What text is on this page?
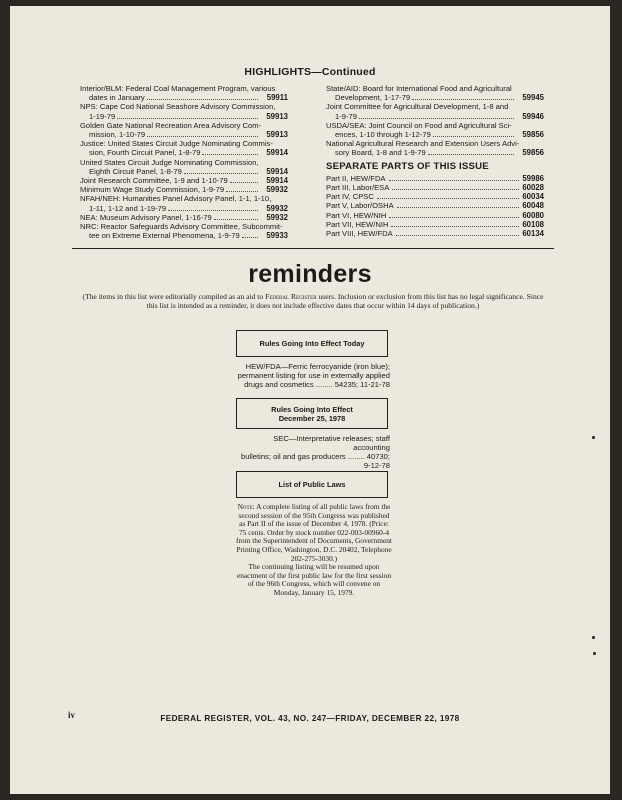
HIGHLIGHTS—Continued
Interior/BLM: Federal Coal Management Program, various
dates in January	59911
NPS: Cape Cod National Seashore Advisory Commission,
1-19-79	59913
Golden Gate National Recreation Area Advisory Com-
mission, 1-10-79	59913
Justice: United States Circuit Judge Nominating Commis-
sion, Fourth Circuit Panel, 1-8-79	59914
United States Circuit Judge Nominating Commission,
Eighth Circuit Panel, 1-8-79	59914
Joint Research Committee, 1-9 and 1-10-79	59914
Minimum Wage Study Commission, 1-9-79	59932
NFAH/NEH: Humanities Panel Advisory Panel, 1-1, 1-10,
1-11, 1-12 and 1-19-79	59932
NEA: Museum Advisory Panel, 1-16-79	59932
NRC: Reactor Safeguards Advisory Committee, Subcommit-
tee on Extreme External Phenomena, 1-9-79	59933
State/AID: Board for International Food and Agricultural
Development, 1-17-79	59945
Joint Committee for Agricultural Development, 1-8 and
1-9-79	59946
USDA/SEA: Joint Council on Food and Agricultural Sci-
ences, 1-10 through 1-12-79	59856
National Agricultural Research and Extension Users Advi-
sory Board, 1-8 and 1-9-79	59856
SEPARATE PARTS OF THIS ISSUE
Part II, HEW/FDA	59986
Part III, Labor/ESA	60028
Part IV, CPSC	60034
Part V, Labor/OSHA	60048
Part VI, HEW/NIH	60080
Part VII, HEW/NIH	60108
Part VIII, HEW/FDA	60134
reminders
(The items in this list were editorially compiled as an aid to Federal Register users. Inclusion or exclusion from this list has no legal significance. Since this list is intended as a reminder, it does not include effective dates that occur within 14 days of publication.)
Rules Going Into Effect Today
HEW/FDA—Ferric ferrocyanide (iron blue);
permanent listing for use in externally applied
drugs and cosmetics ........ 54235; 11-21-78
Rules Going Into Effect
December 25, 1978
SEC—Interpretative releases; staff accounting
bulletins; oil and gas producers ........ 40730;
9-12-78
List of Public Laws

Note: A complete listing of all public laws from the second session of the 95th Congress was published as Part II of the issue of December 4, 1978. (Price: 75 cents. Order by stock number 022-003-00960-4 from the Superintendent of Documents, Government Printing Office, Washington, D.C. 20402, Telephone 202-275-3030.)

The continuing listing will be resumed upon enactment of the first public law for the first session of the 96th Congress, which will convene on Monday, January 15, 1979.

iv	FEDERAL REGISTER, VOL. 43, NO. 247—FRIDAY, DECEMBER 22, 1978
